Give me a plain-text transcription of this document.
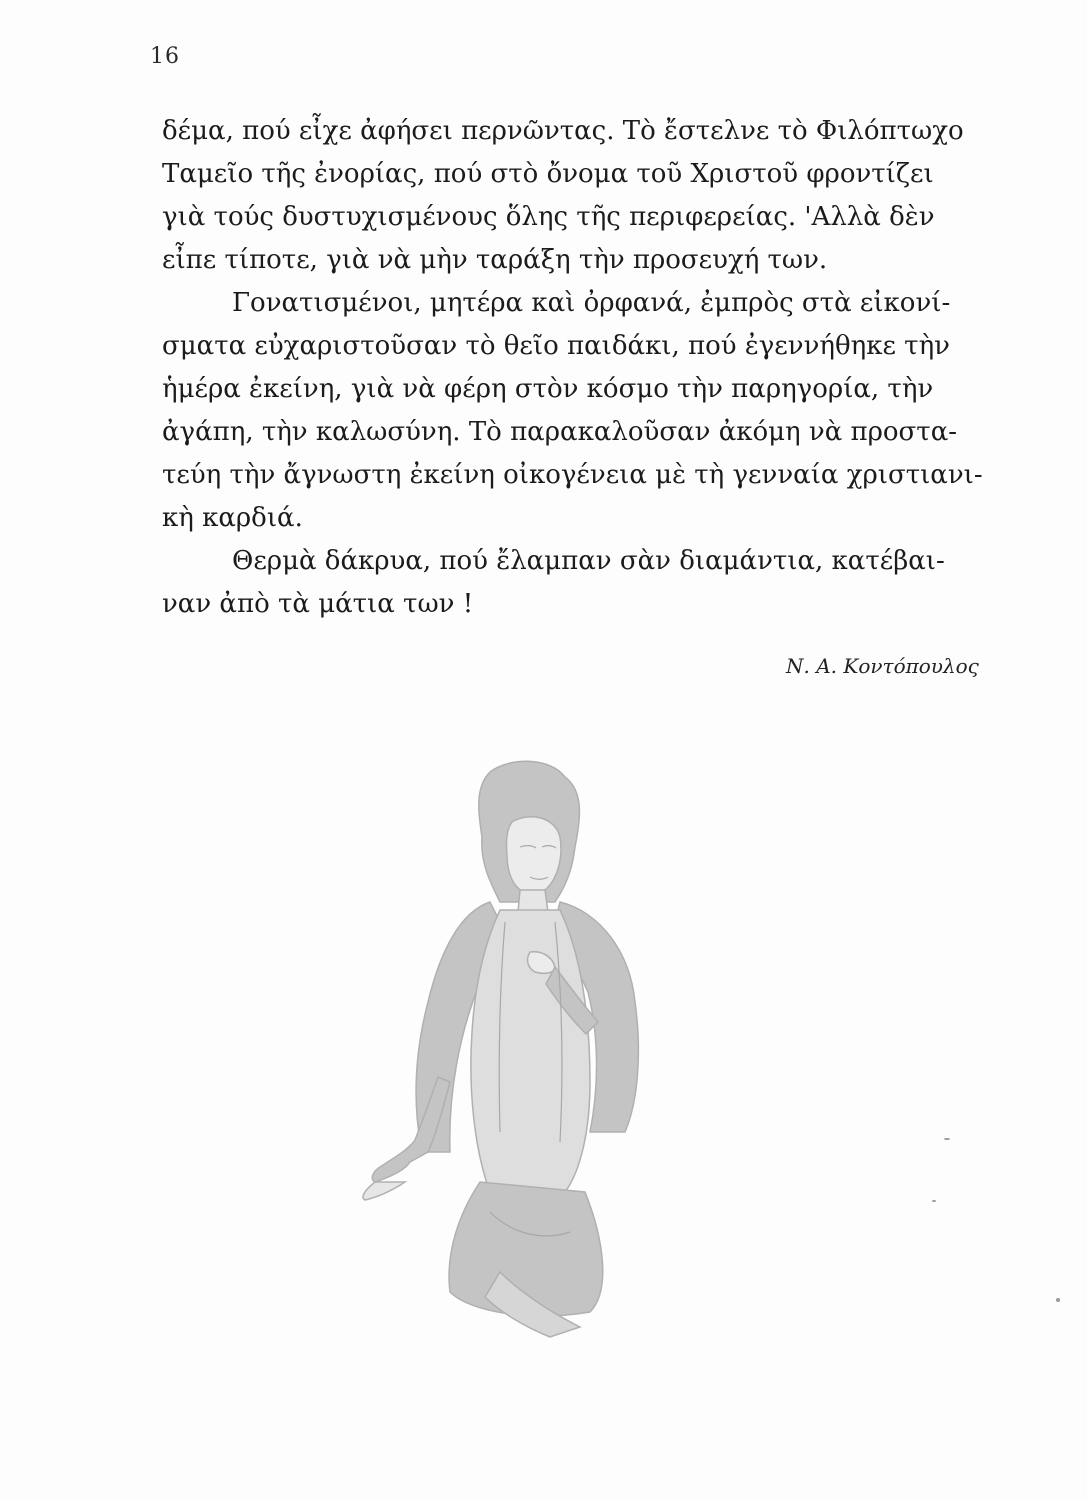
16
δέμα, πού εἶχε ἀφήσει περνῶντας. Τὸ ἔστελνε τὸ Φιλόπτωχο
Ταμεῖο τῆς ἐνορίας, πού στὸ ὄνομα τοῦ Χριστοῦ φροντίζει
γιὰ τούς δυστυχισμένους ὅλης τῆς περιφερείας. 'Αλλὰ δὲν
εἶπε τίποτε, γιὰ νὰ μὴν ταράξη τὴν προσευχή των.
Γονατισμένοι, μητέρα καὶ ὀρφανά, ἐμπρὸς στὰ εἰκονί-
σματα εὐχαριστοῦσαν τὸ θεῖο παιδάκι, πού ἐγεννήθηκε τὴν
ἡμέρα ἐκείνη, γιὰ νὰ φέρη στὸν κόσμο τὴν παρηγορία, τὴν
ἀγάπη, τὴν καλωσύνη. Τὸ παρακαλοῦσαν ἀκόμη νὰ προστα-
τεύη τὴν ἄγνωστη ἐκείνη οἰκογένεια μὲ τὴ γενναία χριστιανι-
κὴ καρδιά.
Θερμὰ δάκρυα, πού ἔλαμπαν σὰν διαμάντια, κατέβαι-
ναν ἀπὸ τὰ μάτια των !
Ν. Α. Κοντόπουλος
